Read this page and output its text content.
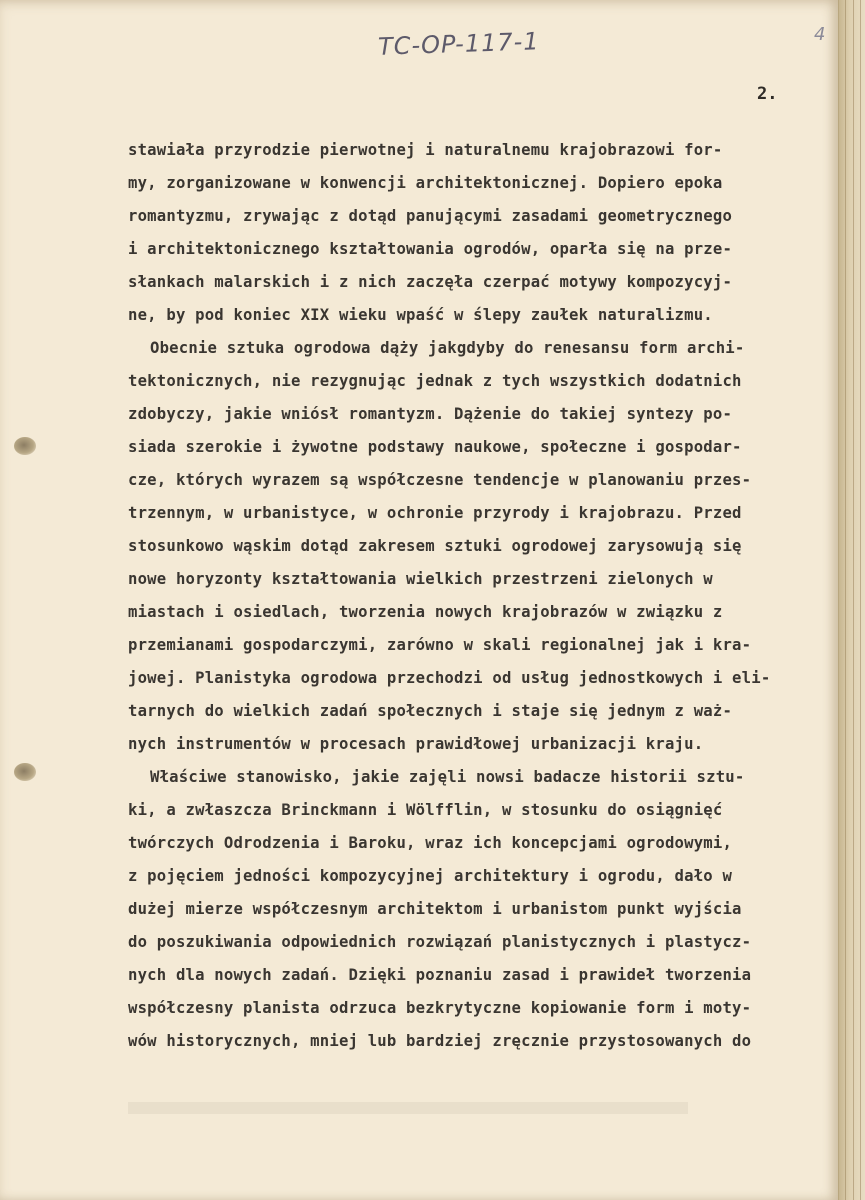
TC-OP-117-1
2.
stawiała przyrodzie pierwotnej i naturalnemu krajobrazowi for-
my, zorganizowane w konwencji architektonicznej. Dopiero epoka
romantyzmu, zrywając z dotąd panującymi zasadami geometrycznego
i architektonicznego kształtowania ogrodów, oparła się na prze-
słankach malarskich i z nich zaczęła czerpać motywy kompozycyj-
ne, by pod koniec XIX wieku wpaść w ślepy zaułek naturalizmu.
Obecnie sztuka ogrodowa dąży jakgdyby do renesansu form archi-
tektonicznych, nie rezygnując jednak z tych wszystkich dodatnich
zdobyczy, jakie wniósł romantyzm. Dążenie do takiej syntezy po-
siada szerokie i żywotne podstawy naukowe, społeczne i gospodar-
cze, których wyrazem są współczesne tendencje w planowaniu przes-
trzennym, w urbanistyce, w ochronie przyrody i krajobrazu. Przed
stosunkowo wąskim dotąd zakresem sztuki ogrodowej zarysowują się
nowe horyzonty kształtowania wielkich przestrzeni zielonych w
miastach i osiedlach, tworzenia nowych krajobrazów w związku z
przemianami gospodarczymi, zarówno w skali regionalnej jak i kra-
jowej. Planistyka ogrodowa przechodzi od usług jednostkowych i eli-
tarnych do wielkich zadań społecznych i staje się jednym z waż-
nych instrumentów w procesach prawidłowej urbanizacji kraju.
Właściwe stanowisko, jakie zajęli nowsi badacze historii sztu-
ki, a zwłaszcza Brinckmann i Wölfflin, w stosunku do osiągnięć
twórczych Odrodzenia i Baroku, wraz ich koncepcjami ogrodowymi,
z pojęciem jedności kompozycyjnej architektury i ogrodu, dało w
dużej mierze współczesnym architektom i urbanistom punkt wyjścia
do poszukiwania odpowiednich rozwiązań planistycznych i plastycz-
nych dla nowych zadań. Dzięki poznaniu zasad i prawideł tworzenia
współczesny planista odrzuca bezkrytyczne kopiowanie form i moty-
wów historycznych, mniej lub bardziej zręcznie przystosowanych do
4
